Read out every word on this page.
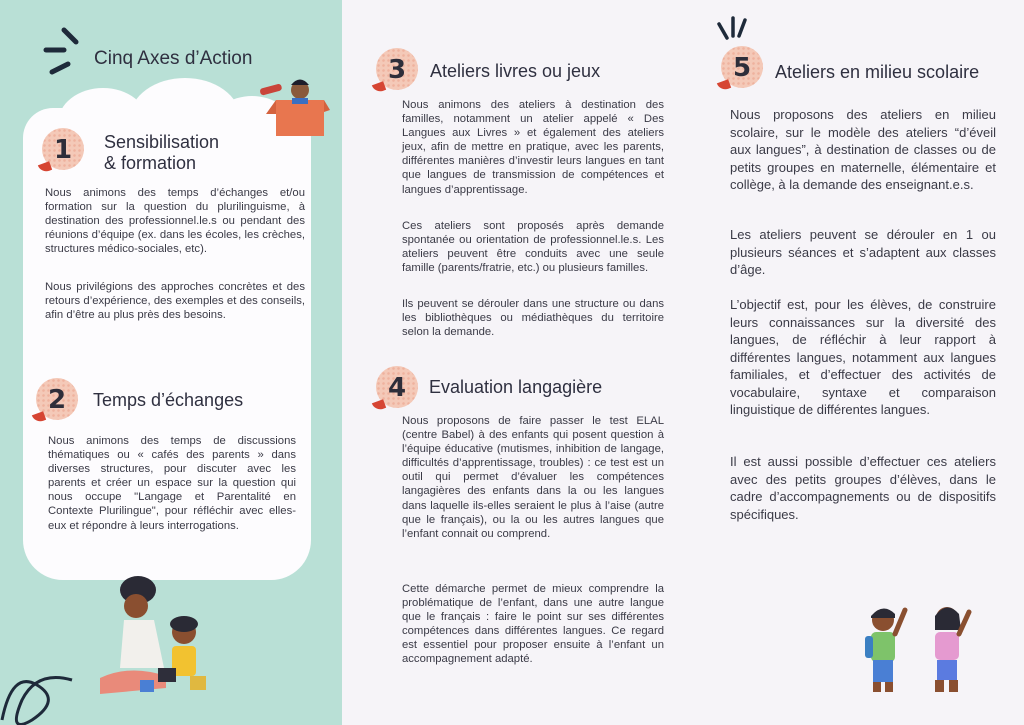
Cinq Axes d’Action
1	Sensibilisation
& formation

Nous animons des temps d’échanges et/ou formation sur la question du plurilinguisme, à destination des professionnel.le.s ou pendant des réunions d’équipe (ex. dans les écoles, les crèches, structures médico-sociales, etc).

Nous privilégions des approches concrètes et des retours d’expérience, des exemples et des conseils, afin d’être au plus près des besoins.

2	Temps d’échanges

Nous animons des temps de discussions thématiques ou « cafés des parents » dans diverses structures, pour discuter avec les parents et créer un espace sur la question qui nous occupe "Langage et Parentalité en Contexte Plurilingue", pour réfléchir avec elles-eux et répondre à leurs interrogations.

3	Ateliers livres ou jeux

Nous animons des ateliers à destination des familles, notamment un atelier appelé « Des Langues aux Livres » et également des ateliers jeux, afin de mettre en pratique, avec les parents, différentes manières d’investir leurs langues en tant que langues de transmission de compétences et langues d’apprentissage.

Ces ateliers sont proposés après demande spontanée ou orientation de professionnel.le.s. Les ateliers peuvent être conduits avec une seule famille (parents/fratrie, etc.) ou plusieurs familles.

Ils peuvent se dérouler dans une structure ou dans les bibliothèques ou médiathèques du territoire selon la demande.

4	Evaluation langagière

Nous proposons de faire passer le test ELAL (centre Babel) à des enfants qui posent question à l’équipe éducative (mutismes, inhibition de langage, difficultés d’apprentissage, troubles) : ce test est un outil qui permet d’évaluer les compétences langagières des enfants dans la ou les langues dans laquelle ils-elles seraient le plus à l’aise (autre que le français), ou la ou les autres langues que l’enfant connait ou comprend.

Cette démarche permet de mieux comprendre la problématique de l’enfant, dans une autre langue que le français : faire le point sur ses différentes compétences dans différentes langues. Ce regard est essentiel pour proposer ensuite à l’enfant un accompagnement adapté.

5	Ateliers en milieu scolaire

Nous proposons des ateliers en milieu scolaire, sur le modèle des ateliers “d’éveil aux langues”, à destination de classes ou de petits groupes en maternelle, élémentaire et collège, à la demande des enseignant.e.s.

Les ateliers peuvent se dérouler en 1 ou plusieurs séances et s’adaptent aux classes d’âge.

L’objectif est, pour les élèves, de construire leurs connaissances sur la diversité des langues, de réfléchir à leur rapport à différentes langues, notamment aux langues familiales, et d’effectuer des activités de vocabulaire, syntaxe et comparaison linguistique de différentes langues.

Il est aussi possible d’effectuer ces ateliers avec des petits groupes d’élèves, dans le cadre d’accompagnements ou de dispositifs spécifiques.
